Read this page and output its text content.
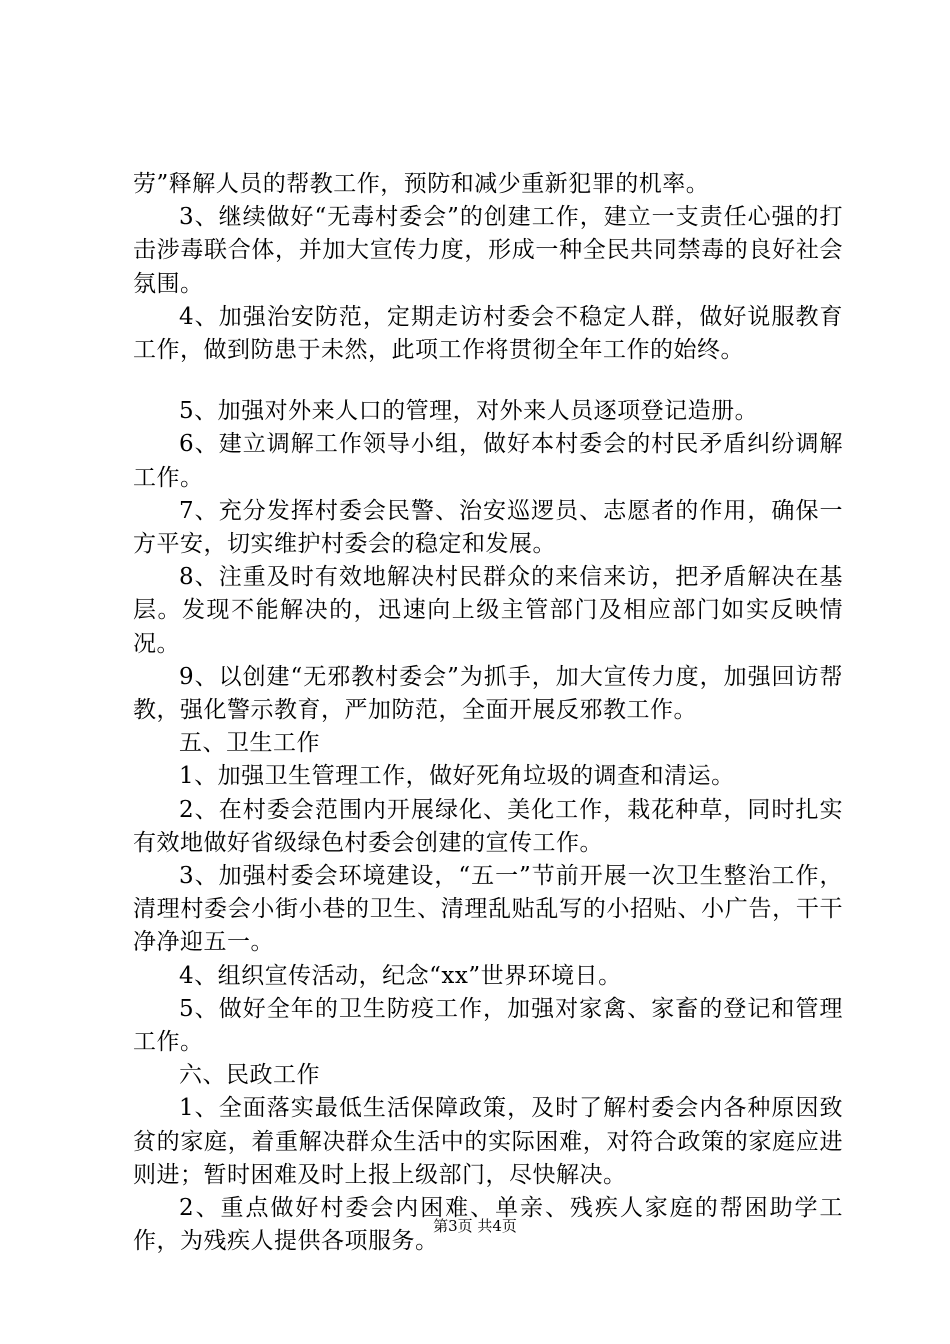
劳”释解人员的帮教工作，预防和减少重新犯罪的机率。

3、继续做好“无毒村委会”的创建工作，建立一支责任心强的打击涉毒联合体，并加大宣传力度，形成一种全民共同禁毒的良好社会氛围。

4、加强治安防范，定期走访村委会不稳定人群，做好说服教育工作，做到防患于未然，此项工作将贯彻全年工作的始终。

5、加强对外来人口的管理，对外来人员逐项登记造册。

6、建立调解工作领导小组，做好本村委会的村民矛盾纠纷调解工作。

7、充分发挥村委会民警、治安巡逻员、志愿者的作用，确保一方平安，切实维护村委会的稳定和发展。

8、注重及时有效地解决村民群众的来信来访，把矛盾解决在基层。发现不能解决的，迅速向上级主管部门及相应部门如实反映情况。

9、以创建“无邪教村委会”为抓手，加大宣传力度，加强回访帮教，强化警示教育，严加防范，全面开展反邪教工作。

五、卫生工作

1、加强卫生管理工作，做好死角垃圾的调查和清运。

2、在村委会范围内开展绿化、美化工作，栽花种草，同时扎实有效地做好省级绿色村委会创建的宣传工作。

3、加强村委会环境建设，“五一”节前开展一次卫生整治工作，清理村委会小街小巷的卫生、清理乱贴乱写的小招贴、小广告，干干净净迎五一。

4、组织宣传活动，纪念“xx”世界环境日。

5、做好全年的卫生防疫工作，加强对家禽、家畜的登记和管理工作。

六、民政工作

1、全面落实最低生活保障政策，及时了解村委会内各种原因致贫的家庭，着重解决群众生活中的实际困难，对符合政策的家庭应进则进；暂时困难及时上报上级部门，尽快解决。

2、重点做好村委会内困难、单亲、残疾人家庭的帮困助学工作，为残疾人提供各项服务。

第3页 共4页
